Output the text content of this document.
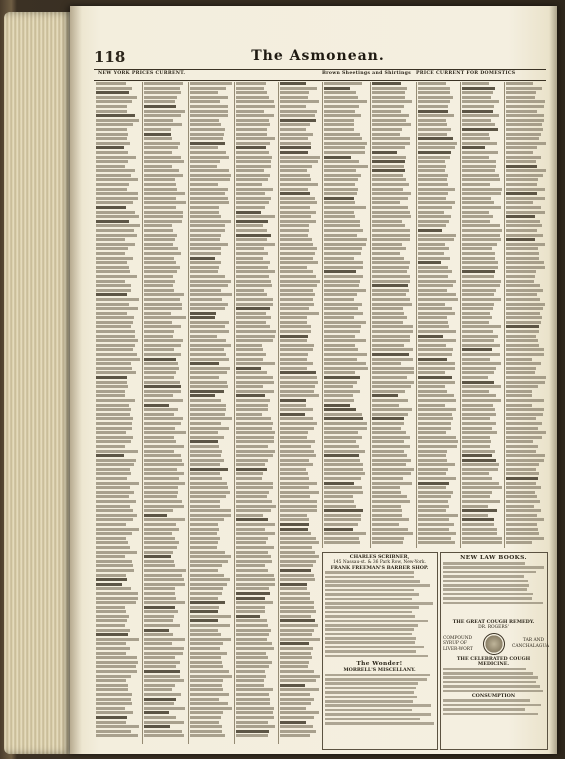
118	The Asmonean.
NEW YORK PRICES CURRENT.	Brown Sheetings and Shirtings PRICE CURRENT FOR DOMESTICS
CHARLES SCRIBNER,
145 Nassau-st. & 36 Park Row, New-York.
FRANK FREEMAN'S BARBER SHOP.
The Wonder!
MORRELL'S MISCELLANY.
NEW LAW BOOKS.
THE GREAT COUGH REMEDY.
DR. ROGERS'
COMPOUND SYRUP OF LIVER-WORT
TAR AND CANCHALAGUA
THE CELEBRATED COUGH MEDICINE.
CONSUMPTION
